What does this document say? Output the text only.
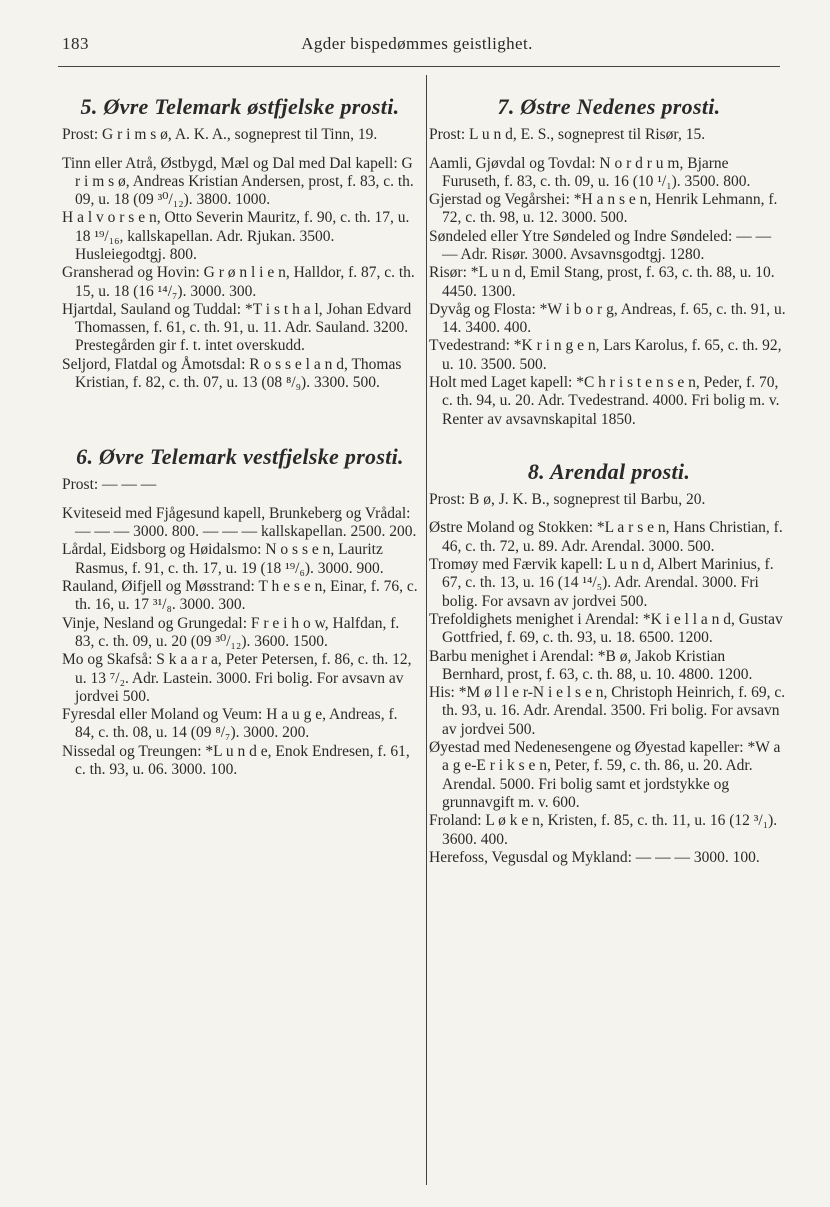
183	Agder bispedømmes geistlighet.
5. Øvre Telemark østfjelske prosti.

Prost: G r i m s ø, A. K. A., sogneprest til Tinn, 19.

Tinn eller Atrå, Østbygd, Mæl og Dal med Dal kapell: G r i m s ø, Andreas Kristian Andersen, prost, f. 83, c. th. 09, u. 18 (09 ³⁰/₁₂). 3800. 1000.

H a l v o r s e n, Otto Severin Mauritz, f. 90, c. th. 17, u. 18 ¹⁹/₁₆, kallskapellan. Adr. Rjukan. 3500. Husleiegodtgj. 800.

Gransherad og Hovin: G r ø n l i e n, Halldor, f. 87, c. th. 15, u. 18 (16 ¹⁴/₇). 3000. 300.

Hjartdal, Sauland og Tuddal: *T i s t h a l, Johan Edvard Thomassen, f. 61, c. th. 91, u. 11. Adr. Sauland. 3200. Prestegården gir f. t. intet overskudd.

Seljord, Flatdal og Åmotsdal: R o s s e l a n d, Thomas Kristian, f. 82, c. th. 07, u. 13 (08 ⁸/₉). 3300. 500.

6. Øvre Telemark vestfjelske prosti.

Prost: — — —

Kviteseid med Fjågesund kapell, Brunkeberg og Vrådal: — — — 3000. 800. — — — kallskapellan. 2500. 200.

Lårdal, Eidsborg og Høidalsmo: N o s s e n, Lauritz Rasmus, f. 91, c. th. 17, u. 19 (18 ¹⁹/₆). 3000. 900.

Rauland, Øifjell og Møsstrand: T h e s e n, Einar, f. 76, c. th. 16, u. 17 ³¹/₈. 3000. 300.

Vinje, Nesland og Grungedal: F r e i h o w, Halfdan, f. 83, c. th. 09, u. 20 (09 ³⁰/₁₂). 3600. 1500.

Mo og Skafså: S k a a r a, Peter Petersen, f. 86, c. th. 12, u. 13 ⁷/₂. Adr. Lastein. 3000. Fri bolig. For avsavn av jordvei 500.

Fyresdal eller Moland og Veum: H a u g e, Andreas, f. 84, c. th. 08, u. 14 (09 ⁸/₇). 3000. 200.

Nissedal og Treungen: *L u n d e, Enok Endresen, f. 61, c. th. 93, u. 06. 3000. 100.

7. Østre Nedenes prosti.

Prost: L u n d, E. S., sogneprest til Risør, 15.

Aamli, Gjøvdal og Tovdal: N o r d r u m, Bjarne Furuseth, f. 83, c. th. 09, u. 16 (10 ¹/₁). 3500. 800.

Gjerstad og Vegårshei: *H a n s e n, Henrik Lehmann, f. 72, c. th. 98, u. 12. 3000. 500.

Søndeled eller Ytre Søndeled og Indre Søndeled: — — — Adr. Risør. 3000. Avsavnsgodtgj. 1280.

Risør: *L u n d, Emil Stang, prost, f. 63, c. th. 88, u. 10. 4450. 1300.

Dyvåg og Flosta: *W i b o r g, Andreas, f. 65, c. th. 91, u. 14. 3400. 400.

Tvedestrand: *K r i n g e n, Lars Karolus, f. 65, c. th. 92, u. 10. 3500. 500.

Holt med Laget kapell: *C h r i s t e n s e n, Peder, f. 70, c. th. 94, u. 20. Adr. Tvedestrand. 4000. Fri bolig m. v. Renter av avsavnskapital 1850.

8. Arendal prosti.

Prost: B ø, J. K. B., sogneprest til Barbu, 20.

Østre Moland og Stokken: *L a r s e n, Hans Christian, f. 46, c. th. 72, u. 89. Adr. Arendal. 3000. 500.

Tromøy med Færvik kapell: L u n d, Albert Marinius, f. 67, c. th. 13, u. 16 (14 ¹⁴/₅). Adr. Arendal. 3000. Fri bolig. For avsavn av jordvei 500.

Trefoldighets menighet i Arendal: *K i e l l a n d, Gustav Gottfried, f. 69, c. th. 93, u. 18. 6500. 1200.

Barbu menighet i Arendal: *B ø, Jakob Kristian Bernhard, prost, f. 63, c. th. 88, u. 10. 4800. 1200.

His: *M ø l l e r-N i e l s e n, Christoph Heinrich, f. 69, c. th. 93, u. 16. Adr. Arendal. 3500. Fri bolig. For avsavn av jordvei 500.

Øyestad med Nedenesengene og Øyestad kapeller: *W a a g e-E r i k s e n, Peter, f. 59, c. th. 86, u. 20. Adr. Arendal. 5000. Fri bolig samt et jordstykke og grunnavgift m. v. 600.

Froland: L ø k e n, Kristen, f. 85, c. th. 11, u. 16 (12 ³/₁). 3600. 400.

Herefoss, Vegusdal og Mykland: — — — 3000. 100.
